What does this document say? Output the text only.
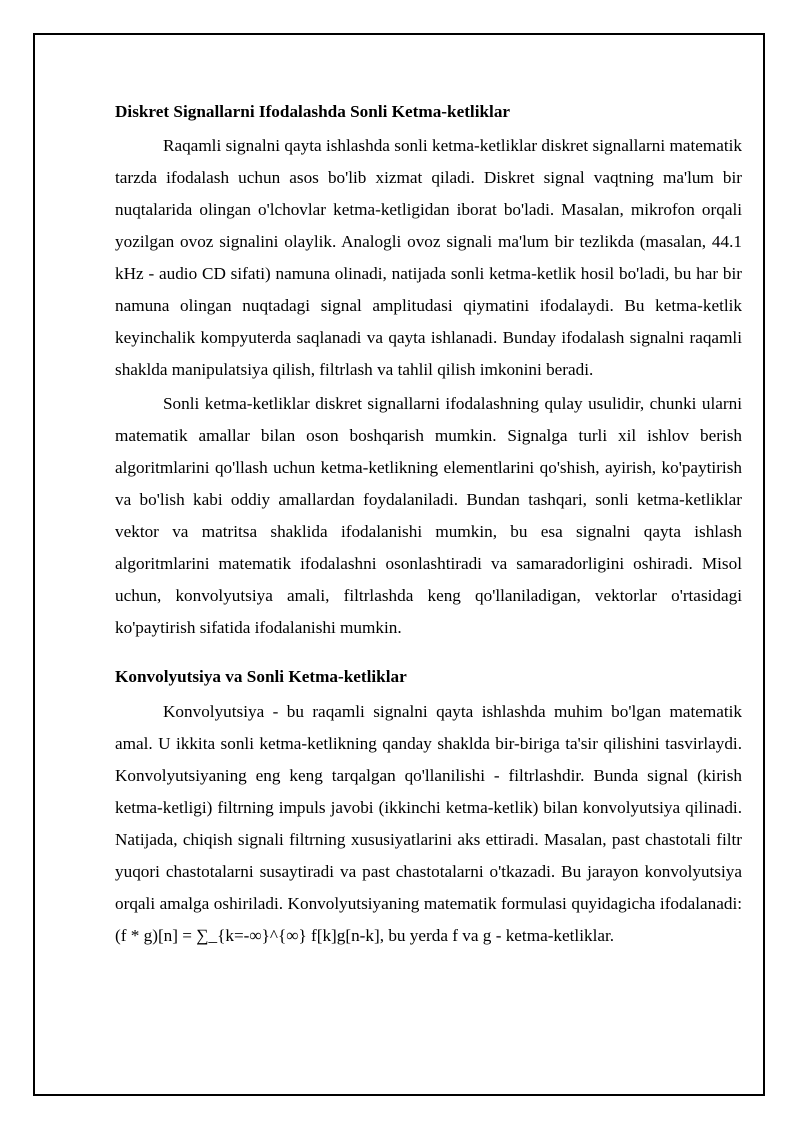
Diskret Signallarni Ifodalashda Sonli Ketma-ketliklar

Raqamli signalni qayta ishlashda sonli ketma-ketliklar diskret signallarni matematik tarzda ifodalash uchun asos bo'lib xizmat qiladi. Diskret signal vaqtning ma'lum bir nuqtalarida olingan o'lchovlar ketma-ketligidan iborat bo'ladi. Masalan, mikrofon orqali yozilgan ovoz signalini olaylik. Analogli ovoz signali ma'lum bir tezlikda (masalan, 44.1 kHz - audio CD sifati) namuna olinadi, natijada sonli ketma-ketlik hosil bo'ladi, bu har bir namuna olingan nuqtadagi signal amplitudasi qiymatini ifodalaydi. Bu ketma-ketlik keyinchalik kompyuterda saqlanadi va qayta ishlanadi. Bunday ifodalash signalni raqamli shaklda manipulatsiya qilish, filtrlash va tahlil qilish imkonini beradi.

Sonli ketma-ketliklar diskret signallarni ifodalashning qulay usulidir, chunki ularni matematik amallar bilan oson boshqarish mumkin. Signalga turli xil ishlov berish algoritmlarini qo'llash uchun ketma-ketlikning elementlarini qo'shish, ayirish, ko'paytirish va bo'lish kabi oddiy amallardan foydalaniladi. Bundan tashqari, sonli ketma-ketliklar vektor va matritsa shaklida ifodalanishi mumkin, bu esa signalni qayta ishlash algoritmlarini matematik ifodalashni osonlashtiradi va samaradorligini oshiradi. Misol uchun, konvolyutsiya amali, filtrlashda keng qo'llaniladigan, vektorlar o'rtasidagi ko'paytirish sifatida ifodalanishi mumkin.

Konvolyutsiya va Sonli Ketma-ketliklar

Konvolyutsiya - bu raqamli signalni qayta ishlashda muhim bo'lgan matematik amal. U ikkita sonli ketma-ketlikning qanday shaklda bir-biriga ta'sir qilishini tasvirlaydi. Konvolyutsiyaning eng keng tarqalgan qo'llanilishi - filtrlashdir. Bunda signal (kirish ketma-ketligi) filtrning impuls javobi (ikkinchi ketma-ketlik) bilan konvolyutsiya qilinadi. Natijada, chiqish signali filtrning xususiyatlarini aks ettiradi. Masalan, past chastotali filtr yuqori chastotalarni susaytiradi va past chastotalarni o'tkazadi. Bu jarayon konvolyutsiya orqali amalga oshiriladi. Konvolyutsiyaning matematik formulasi quyidagicha ifodalanadi: (f * g)[n] = ∑_{k=-∞}^{∞} f[k]g[n-k], bu yerda f va g - ketma-ketliklar.
